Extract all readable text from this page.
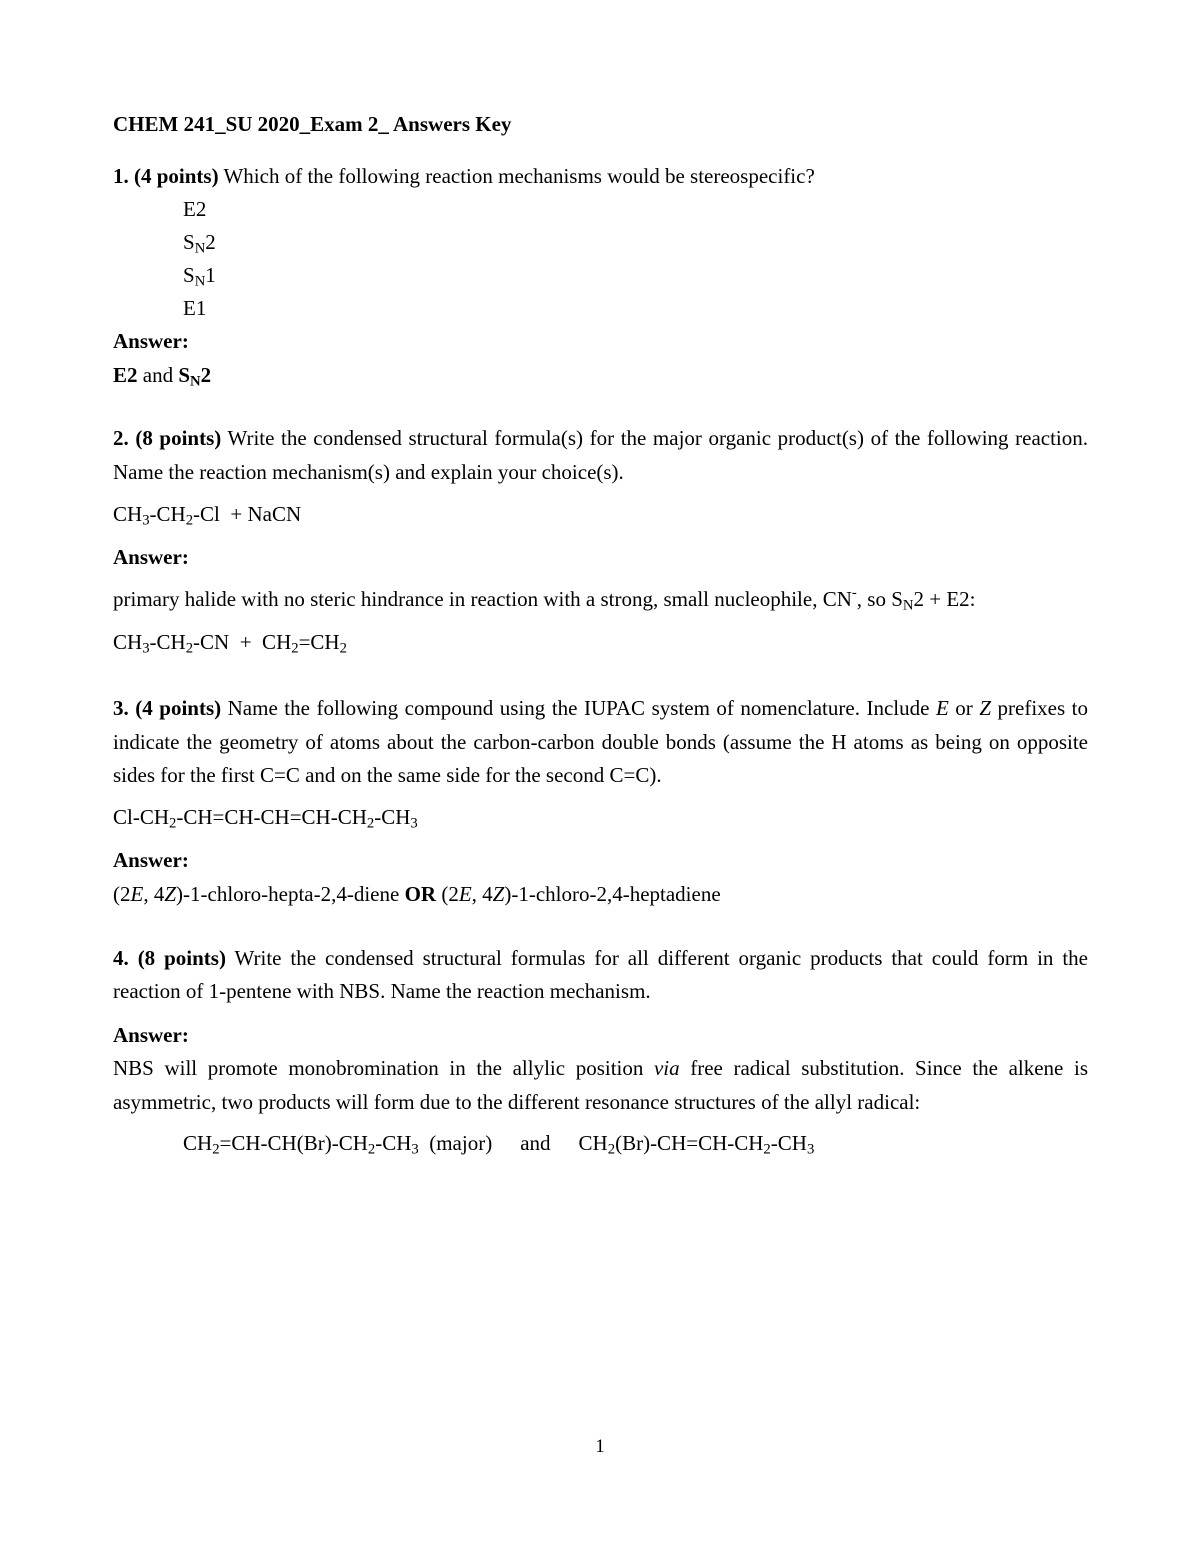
CHEM 241_SU 2020_Exam 2_ Answers Key

1. (4 points) Which of the following reaction mechanisms would be stereospecific?

E2
$S_N2$
$S_N1$
E1

Answer:

E2 and $S_N2$

2. (8 points) Write the condensed structural formula(s) for the major organic product(s) of the following reaction. Name the reaction mechanism(s) and explain your choice(s).

$CH_3-CH_2-Cl$  + NaCN

Answer:

primary halide with no steric hindrance in reaction with a strong, small nucleophile, CN-, so $S_N2 + E2$:

$CH_3-CH_2-CN + CH_2=CH_2$

3. (4 points) Name the following compound using the IUPAC system of nomenclature. Include E or Z prefixes to indicate the geometry of atoms about the carbon-carbon double bonds (assume the H atoms as being on opposite sides for the first C=C and on the same side for the second C=C).

$Cl-CH_2-CH=CH-CH=CH-CH_2-CH_3$

Answer:

(2E, 4Z)-1-chloro-hepta-2,4-diene OR (2E, 4Z)-1-chloro-2,4-heptadiene

4. (8 points) Write the condensed structural formulas for all different organic products that could form in the reaction of 1-pentene with NBS. Name the reaction mechanism.

Answer:

NBS will promote monobromination in the allylic position via free radical substitution. Since the alkene is asymmetric, two products will form due to the different resonance structures of the allyl radical:

$CH_2=CH-CH(Br)-CH_2-CH_3$  (major) and $CH_2(Br)-CH=CH-CH_2-CH_3$

1
